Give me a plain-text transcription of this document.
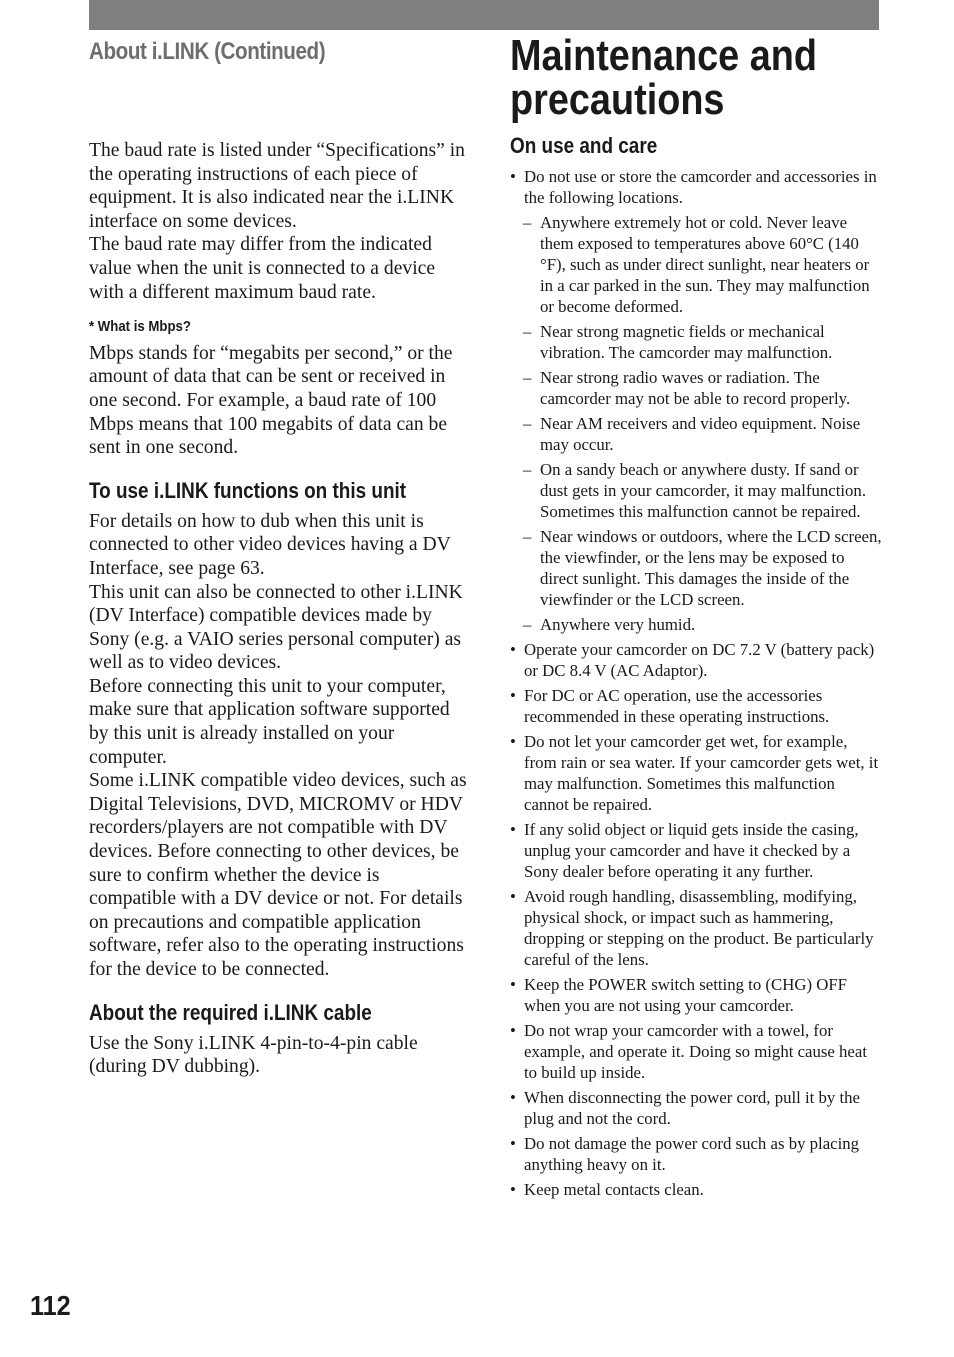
About i.LINK (Continued)	Maintenance and precautions

The baud rate is listed under “Specifications” in the operating instructions of each piece of equipment. It is also indicated near the i.LINK interface on some devices.

The baud rate may differ from the indicated value when the unit is connected to a device with a different maximum baud rate.

* What is Mbps?

Mbps stands for “megabits per second,” or the amount of data that can be sent or received in one second. For example, a baud rate of 100 Mbps means that 100 megabits of data can be sent in one second.

To use i.LINK functions on this unit

For details on how to dub when this unit is connected to other video devices having a DV Interface, see page 63.

This unit can also be connected to other i.LINK (DV Interface) compatible devices made by Sony (e.g. a VAIO series personal computer) as well as to video devices.

Before connecting this unit to your computer, make sure that application software supported by this unit is already installed on your computer.

Some i.LINK compatible video devices, such as Digital Televisions, DVD, MICROMV or HDV recorders/players are not compatible with DV devices. Before connecting to other devices, be sure to confirm whether the device is compatible with a DV device or not. For details on precautions and compatible application software, refer also to the operating instructions for the device to be connected.

About the required i.LINK cable

Use the Sony i.LINK 4-pin-to-4-pin cable (during DV dubbing).

On use and care
• Do not use or store the camcorder and accessories in the following locations.
– Anywhere extremely hot or cold. Never leave them exposed to temperatures above 60°C (140 °F), such as under direct sunlight, near heaters or in a car parked in the sun. They may malfunction or become deformed.
– Near strong magnetic fields or mechanical vibration. The camcorder may malfunction.
– Near strong radio waves or radiation. The camcorder may not be able to record properly.
– Near AM receivers and video equipment. Noise may occur.
– On a sandy beach or anywhere dusty. If sand or dust gets in your camcorder, it may malfunction. Sometimes this malfunction cannot be repaired.
– Near windows or outdoors, where the LCD screen, the viewfinder, or the lens may be exposed to direct sunlight. This damages the inside of the viewfinder or the LCD screen.
– Anywhere very humid.
• Operate your camcorder on DC 7.2 V (battery pack) or DC 8.4 V (AC Adaptor).
• For DC or AC operation, use the accessories recommended in these operating instructions.
• Do not let your camcorder get wet, for example, from rain or sea water. If your camcorder gets wet, it may malfunction. Sometimes this malfunction cannot be repaired.
• If any solid object or liquid gets inside the casing, unplug your camcorder and have it checked by a Sony dealer before operating it any further.
• Avoid rough handling, disassembling, modifying, physical shock, or impact such as hammering, dropping or stepping on the product. Be particularly careful of the lens.
• Keep the POWER switch setting to (CHG) OFF when you are not using your camcorder.
• Do not wrap your camcorder with a towel, for example, and operate it. Doing so might cause heat to build up inside.
• When disconnecting the power cord, pull it by the plug and not the cord.
• Do not damage the power cord such as by placing anything heavy on it.
• Keep metal contacts clean.

112
